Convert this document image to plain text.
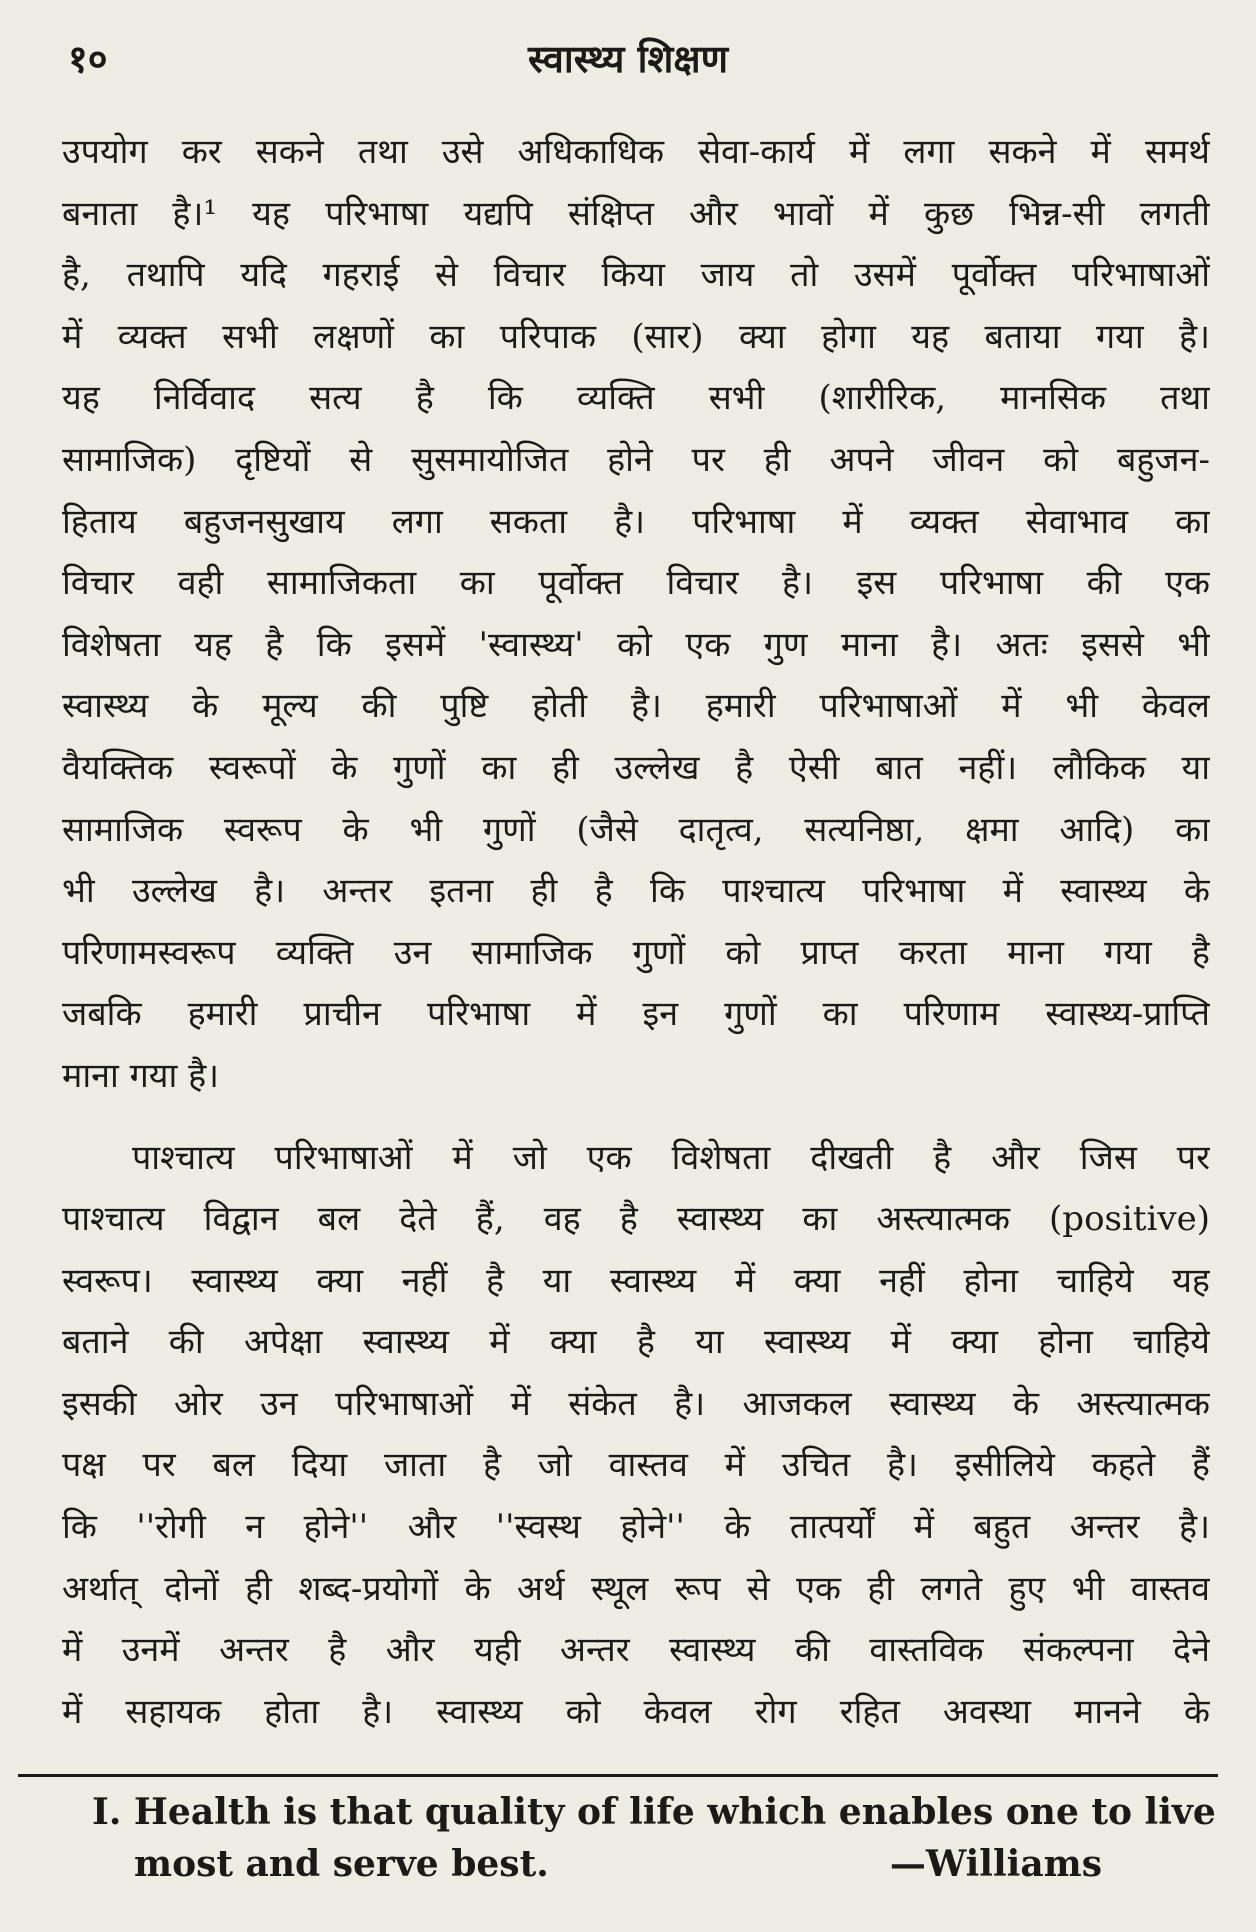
१०	स्वास्थ्य शिक्षण
उपयोग कर सकने तथा उसे अधिकाधिक सेवा-कार्य में लगा सकने में समर्थ
बनाता है।¹ यह परिभाषा यद्यपि संक्षिप्त और भावों में कुछ भिन्न-सी लगती
है, तथापि यदि गहराई से विचार किया जाय तो उसमें पूर्वोक्त परिभाषाओं
में व्यक्त सभी लक्षणों का परिपाक (सार) क्या होगा यह बताया गया है।
यह निर्विवाद सत्य है कि व्यक्ति सभी (शारीरिक, मानसिक तथा
सामाजिक) दृष्टियों से सुसमायोजित होने पर ही अपने जीवन को बहुजन-
हिताय बहुजनसुखाय लगा सकता है। परिभाषा में व्यक्त सेवाभाव का
विचार वही सामाजिकता का पूर्वोक्त विचार है। इस परिभाषा की एक
विशेषता यह है कि इसमें 'स्वास्थ्य' को एक गुण माना है। अतः इससे भी
स्वास्थ्य के मूल्य की पुष्टि होती है। हमारी परिभाषाओं में भी केवल
वैयक्तिक स्वरूपों के गुणों का ही उल्लेख है ऐसी बात नहीं। लौकिक या
सामाजिक स्वरूप के भी गुणों (जैसे दातृत्व, सत्यनिष्ठा, क्षमा आदि) का
भी उल्लेख है। अन्तर इतना ही है कि पाश्चात्य परिभाषा में स्वास्थ्य के
परिणामस्वरूप व्यक्ति उन सामाजिक गुणों को प्राप्त करता माना गया है
जबकि हमारी प्राचीन परिभाषा में इन गुणों का परिणाम स्वास्थ्य-प्राप्ति
माना गया है।
पाश्चात्य परिभाषाओं में जो एक विशेषता दीखती है और जिस पर
पाश्चात्य विद्वान बल देते हैं, वह है स्वास्थ्य का अस्त्यात्मक (positive)
स्वरूप। स्वास्थ्य क्या नहीं है या स्वास्थ्य में क्या नहीं होना चाहिये यह
बताने की अपेक्षा स्वास्थ्य में क्या है या स्वास्थ्य में क्या होना चाहिये
इसकी ओर उन परिभाषाओं में संकेत है। आजकल स्वास्थ्य के अस्त्यात्मक
पक्ष पर बल दिया जाता है जो वास्तव में उचित है। इसीलिये कहते हैं
कि ''रोगी न होने'' और ''स्वस्थ होने'' के तात्पर्यों में बहुत अन्तर है।
अर्थात् दोनों ही शब्द-प्रयोगों के अर्थ स्थूल रूप से एक ही लगते हुए भी वास्तव
में उनमें अन्तर है और यही अन्तर स्वास्थ्य की वास्तविक संकल्पना देने
में सहायक होता है। स्वास्थ्य को केवल रोग रहित अवस्था मानने के
I. Health is that quality of life which enables one to live
most and serve best.	—Williams
